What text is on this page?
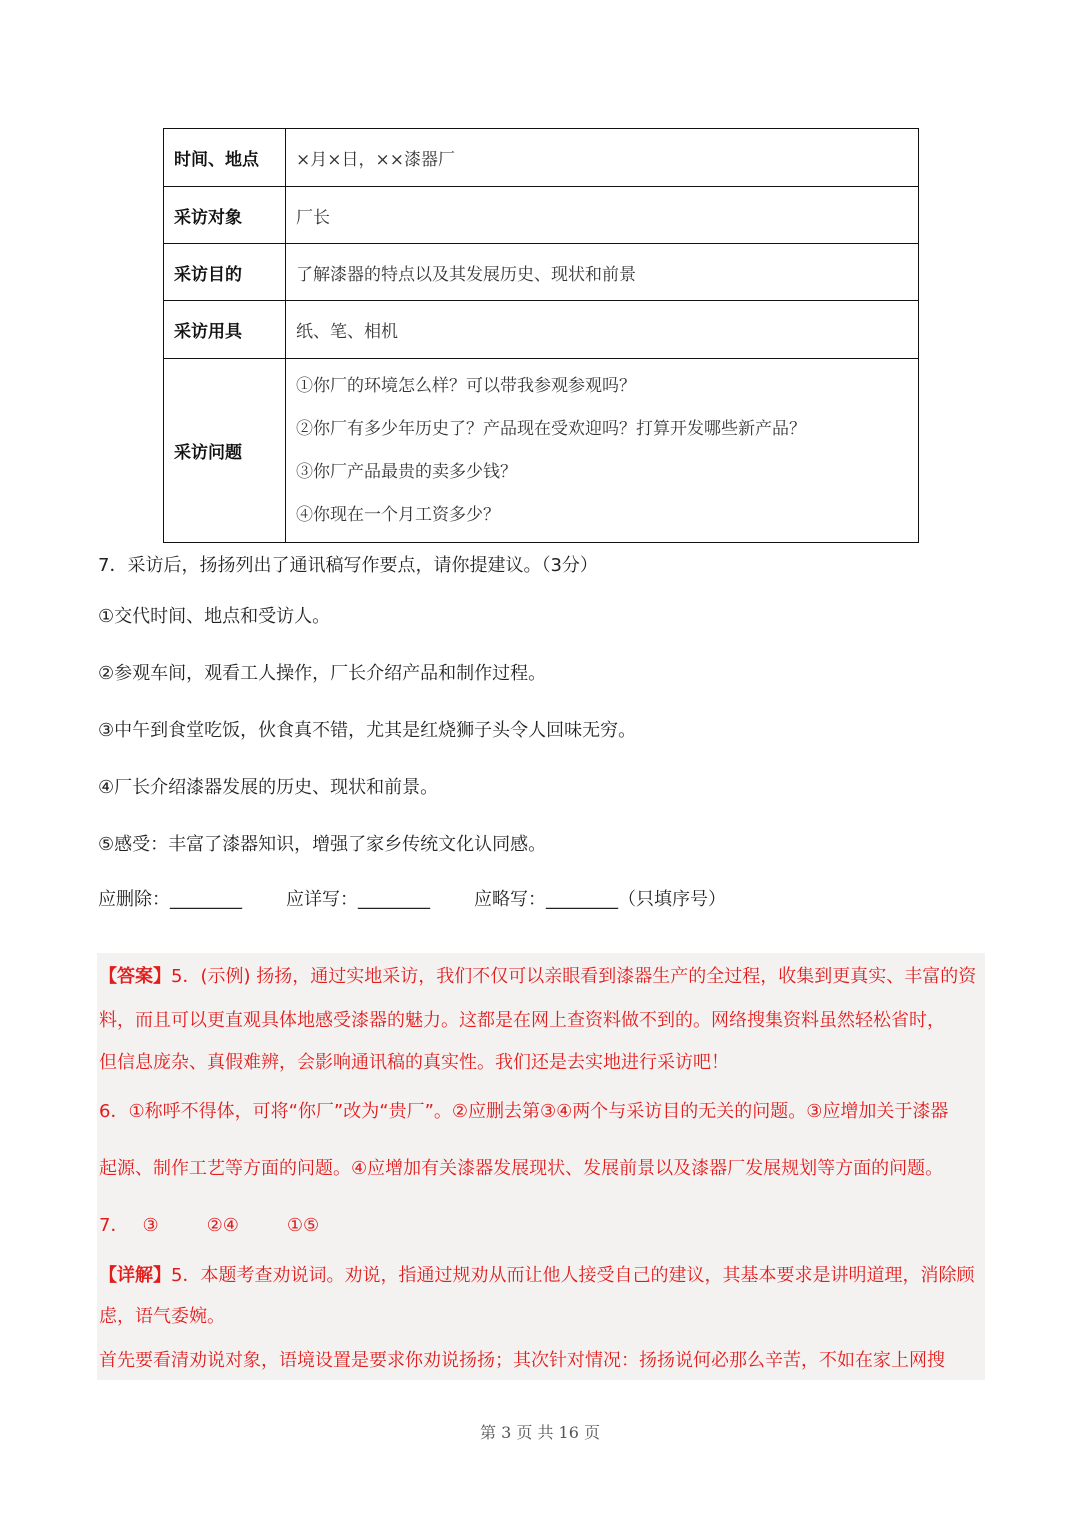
时间、地点	×月×日，××漆器厂
采访对象	厂长
采访目的	了解漆器的特点以及其发展历史、现状和前景
采访用具	纸、笔、相机
采访问题	①你厂的环境怎么样？可以带我参观参观吗？
②你厂有多少年历史了？产品现在受欢迎吗？打算开发哪些新产品？
③你厂产品最贵的卖多少钱？
④你现在一个月工资多少？
7．采访后，扬扬列出了通讯稿写作要点，请你提建议。（3分）
①交代时间、地点和受访人。
②参观车间，观看工人操作，厂长介绍产品和制作过程。
③中午到食堂吃饭，伙食真不错，尤其是红烧狮子头令人回味无穷。
④厂长介绍漆器发展的历史、现状和前景。
⑤感受：丰富了漆器知识，增强了家乡传统文化认同感。
应删除：________ 应详写：________ 应略写：________（只填序号）
【答案】5．(示例) 扬扬，通过实地采访，我们不仅可以亲眼看到漆器生产的全过程，收集到更真实、丰富的资
料，而且可以更直观具体地感受漆器的魅力。这都是在网上查资料做不到的。网络搜集资料虽然轻松省时，
但信息庞杂、真假难辨，会影响通讯稿的真实性。我们还是去实地进行采访吧！
6．①称呼不得体，可将“你厂”改为“贵厂”。②应删去第③④两个与采访目的无关的问题。③应增加关于漆器
起源、制作工艺等方面的问题。④应增加有关漆器发展现状、发展前景以及漆器厂发展规划等方面的问题。
7． ③	②④	①⑤
【详解】5．本题考查劝说词。劝说，指通过规劝从而让他人接受自己的建议，其基本要求是讲明道理，消除顾
虑，语气委婉。
首先要看清劝说对象，语境设置是要求你劝说扬扬；其次针对情况：扬扬说何必那么辛苦，不如在家上网搜
第 3 页 共 16 页
